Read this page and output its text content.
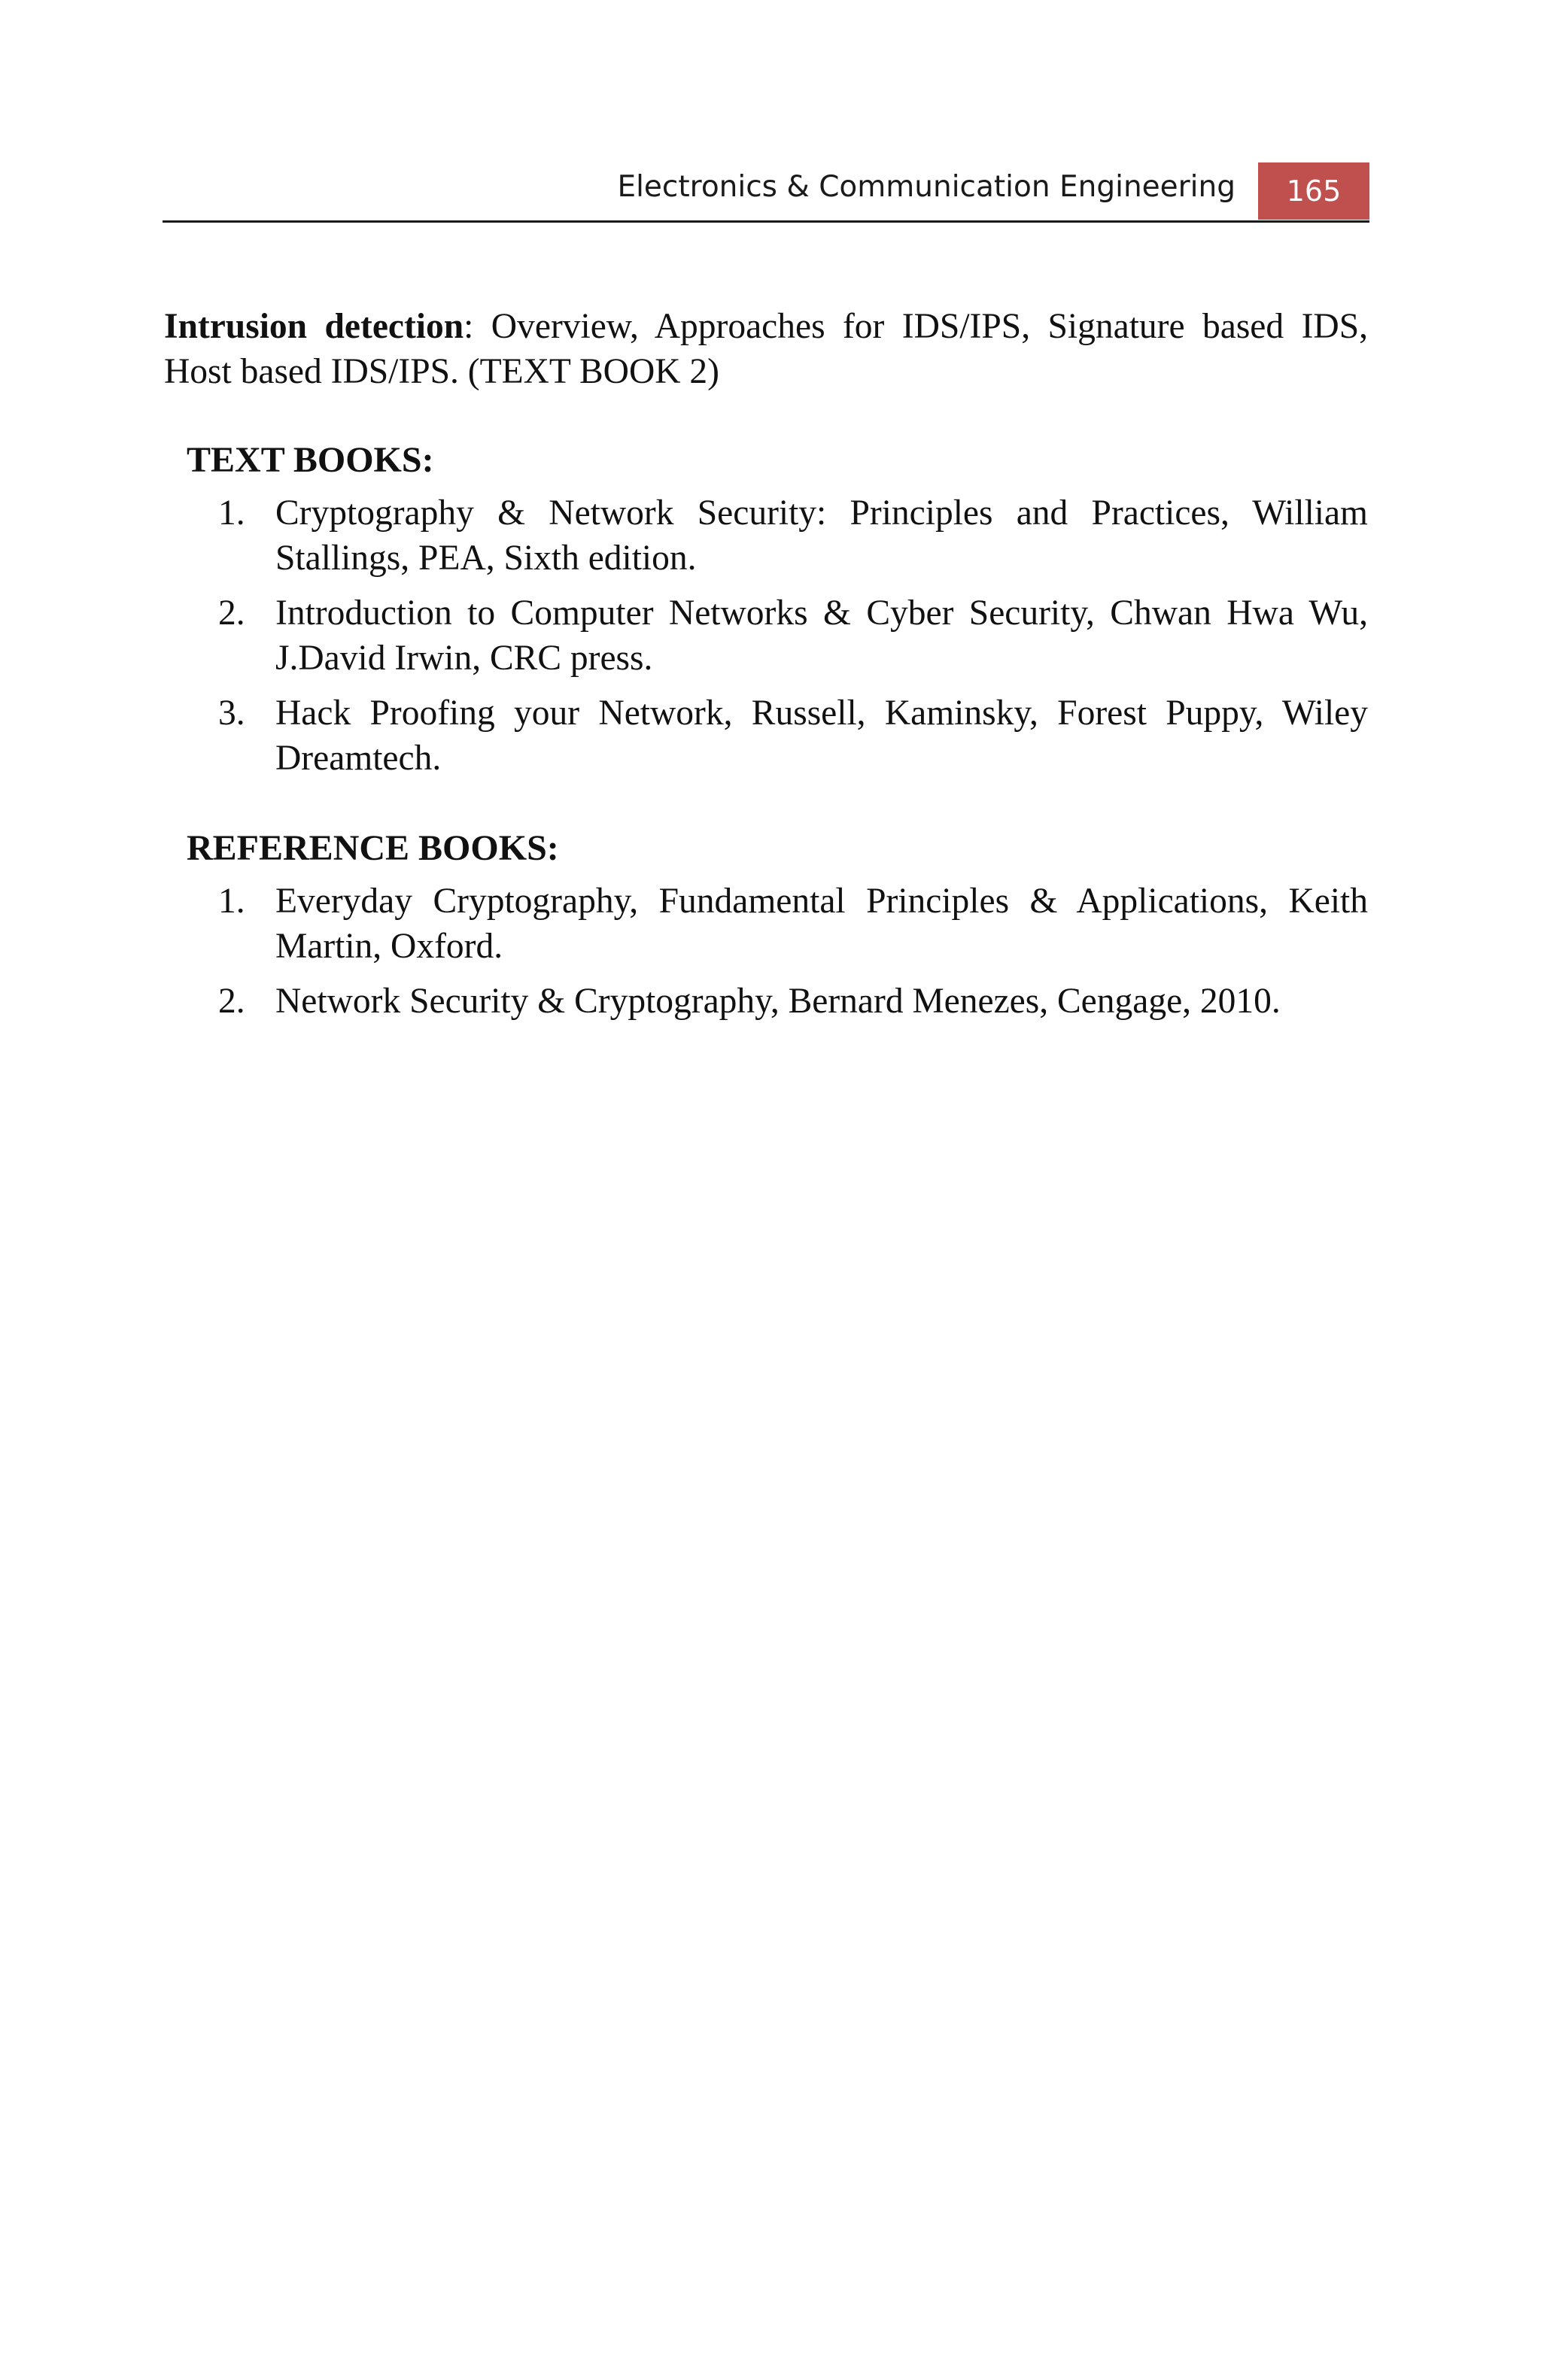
Electronics & Communication Engineering	165

Intrusion detection: Overview, Approaches for IDS/IPS, Signature based IDS, Host based IDS/IPS. (TEXT BOOK 2)

TEXT BOOKS:
1. Cryptography & Network Security: Principles and Practices, William Stallings, PEA, Sixth edition.
2. Introduction to Computer Networks & Cyber Security, Chwan Hwa Wu, J.David Irwin, CRC press.
3. Hack Proofing your Network, Russell, Kaminsky, Forest Puppy, Wiley Dreamtech.
REFERENCE BOOKS:
1. Everyday Cryptography, Fundamental Principles & Applications, Keith Martin, Oxford.
2. Network Security & Cryptography, Bernard Menezes, Cengage, 2010.
